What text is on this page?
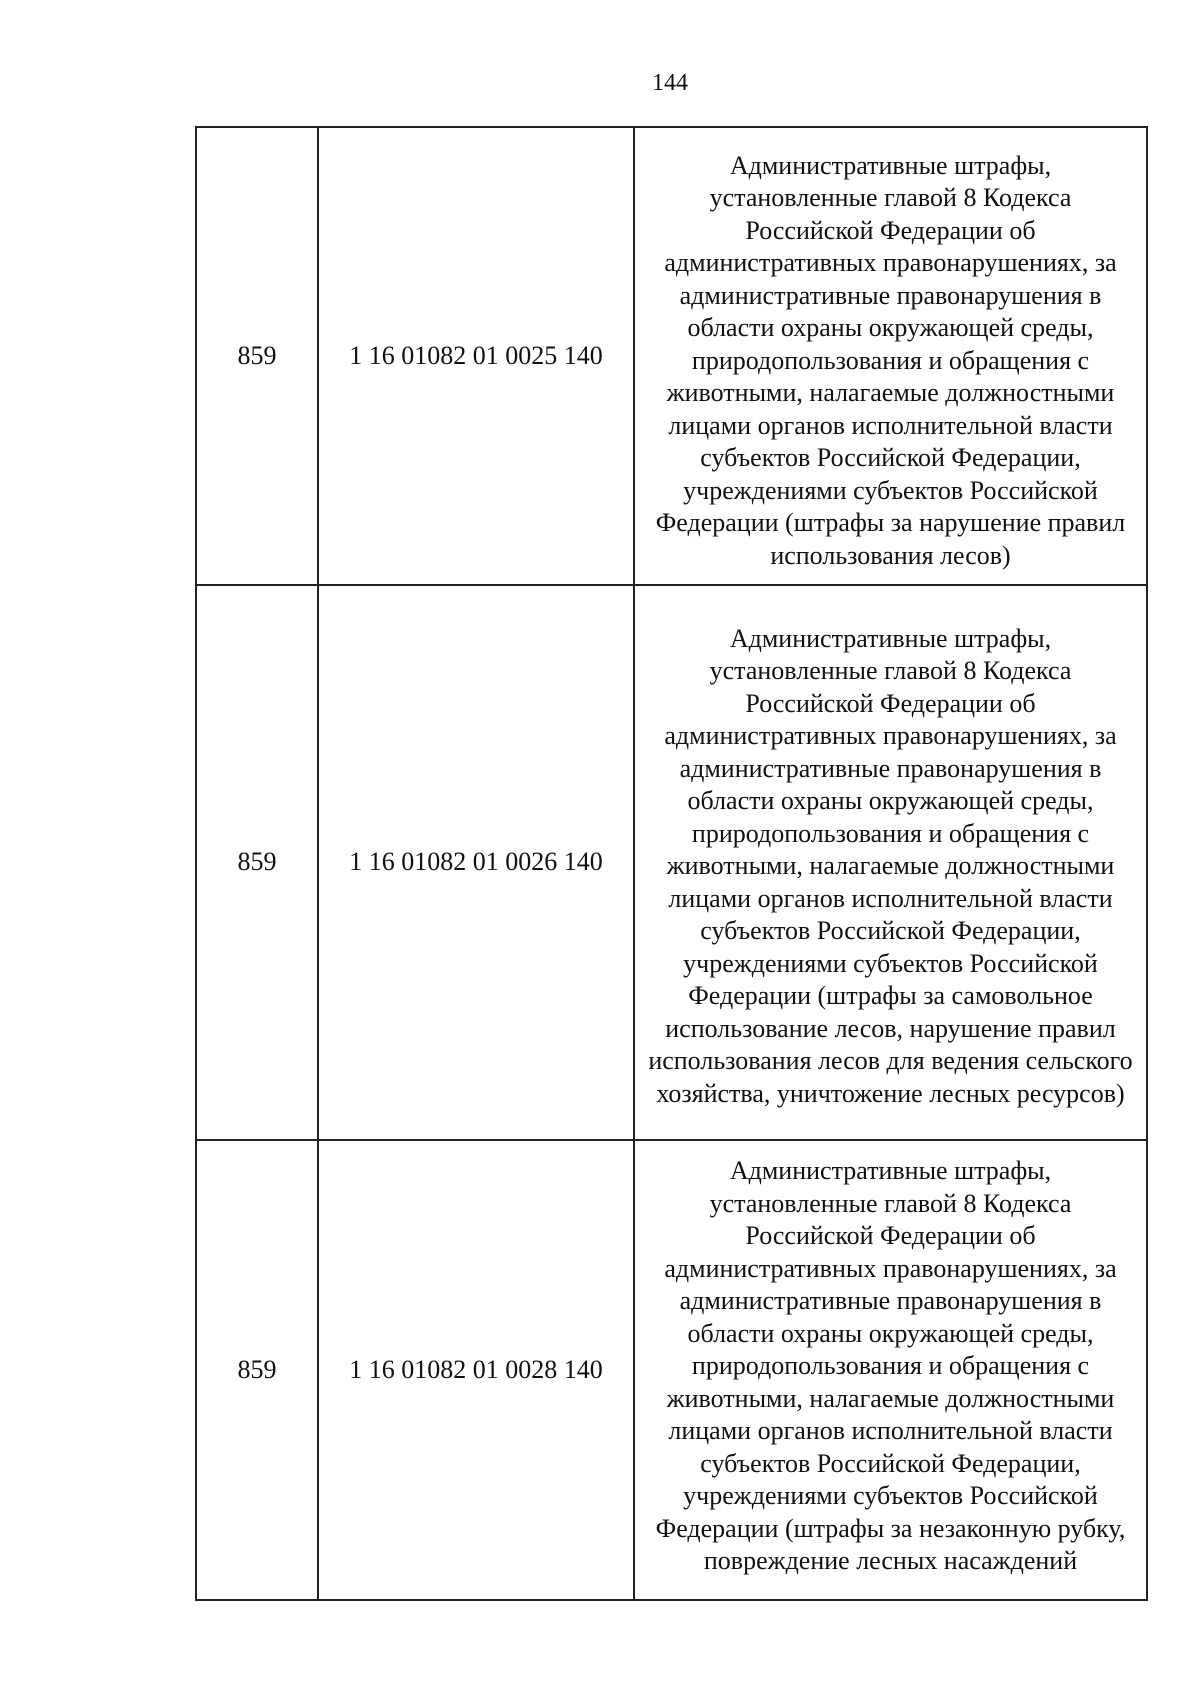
144
859	1 16 01082 01 0025 140	Административные штрафы, установленные главой 8 Кодекса Российской Федерации об административных правонарушениях, за административные правонарушения в области охраны окружающей среды, природопользования и обращения с животными, налагаемые должностными лицами органов исполнительной власти субъектов Российской Федерации, учреждениями субъектов Российской Федерации (штрафы за нарушение правил использования лесов)
859	1 16 01082 01 0026 140	Административные штрафы, установленные главой 8 Кодекса Российской Федерации об административных правонарушениях, за административные правонарушения в области охраны окружающей среды, природопользования и обращения с животными, налагаемые должностными лицами органов исполнительной власти субъектов Российской Федерации, учреждениями субъектов Российской Федерации (штрафы за самовольное использование лесов, нарушение правил использования лесов для ведения сельского хозяйства, уничтожение лесных ресурсов)
859	1 16 01082 01 0028 140	Административные штрафы, установленные главой 8 Кодекса Российской Федерации об административных правонарушениях, за административные правонарушения в области охраны окружающей среды, природопользования и обращения с животными, налагаемые должностными лицами органов исполнительной власти субъектов Российской Федерации, учреждениями субъектов Российской Федерации (штрафы за незаконную рубку, повреждение лесных насаждений
